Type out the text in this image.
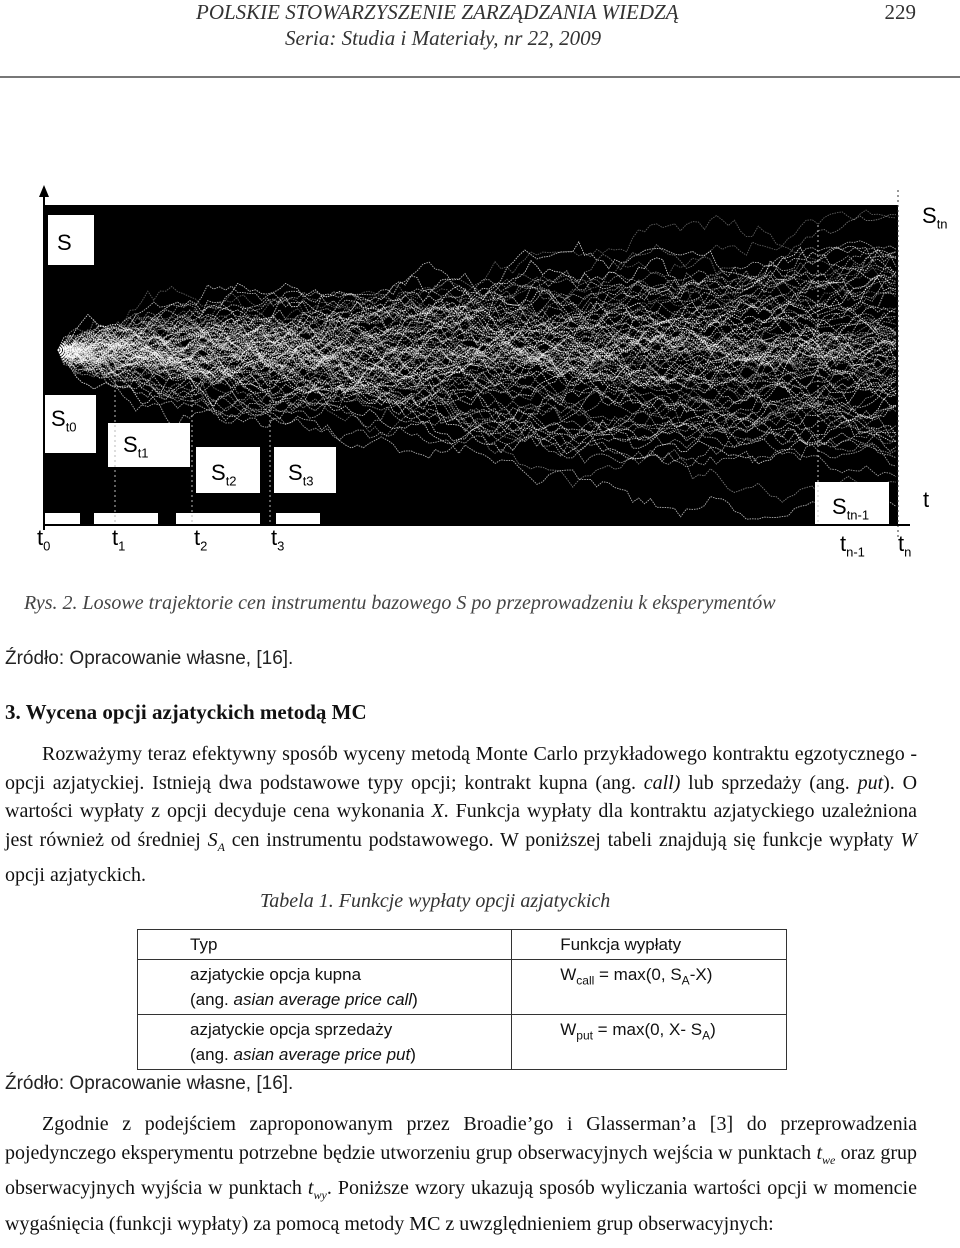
POLSKIE STOWARZYSZENIE ZARZĄDZANIA WIEDZĄ
Seria: Studia i Materiały, nr 22, 2009
229
S
$S_{tn}$
$S_{t0}$
$S_{t1}$
$S_{t2}$ $S_{t3}$
$S_{tn-1}$
t
$t_0$	$t_1$	$t_2$	$t_3$	$t_{n-1}$ $t_n$
Rys. 2. Losowe trajektorie cen instrumentu bazowego S po przeprowadzeniu k eksperymentów
Źródło: Opracowanie własne, [16].
3. Wycena opcji azjatyckich metodą MC
Rozważymy teraz efektywny sposób wyceny metodą Monte Carlo przykładowego kontraktu egzotycznego - opcji azjatyckiej. Istnieją dwa podstawowe typy opcji; kontrakt kupna (ang. call) lub sprzedaży (ang. put). O wartości wypłaty z opcji decyduje cena wykonania X. Funkcja wypłaty dla kontraktu azjatyckiego uzależniona jest również od średniej $S_A$ cen instrumentu podstawowego. W poniższej tabeli znajdują się funkcje wypłaty W opcji azjatyckich.
Tabela 1. Funkcje wypłaty opcji azjatyckich
Typ	Funkcja wypłaty

azjatyckie opcja kupna
(ang. asian average price call)	$W_{call} = \max(0$, $S_A-X$)

azjatyckie opcja sprzedaży
(ang. asian average price put)	$W_{put} = \max(0$, X- $S_A$)
Źródło: Opracowanie własne, [16].
Zgodnie z podejściem zaproponowanym przez Broadie’go i Glasserman’a [3] do przeprowadzenia pojedynczego eksperymentu potrzebne będzie utworzeniu grup obserwacyjnych wejścia w punktach $t_{we}$ oraz grup obserwacyjnych wyjścia w punktach $t_{wy}$. Poniższe wzory ukazują sposób wyliczania wartości opcji w momencie wygaśnięcia (funkcji wypłaty) za pomocą metody MC z uwzględnieniem grup obserwacyjnych:
